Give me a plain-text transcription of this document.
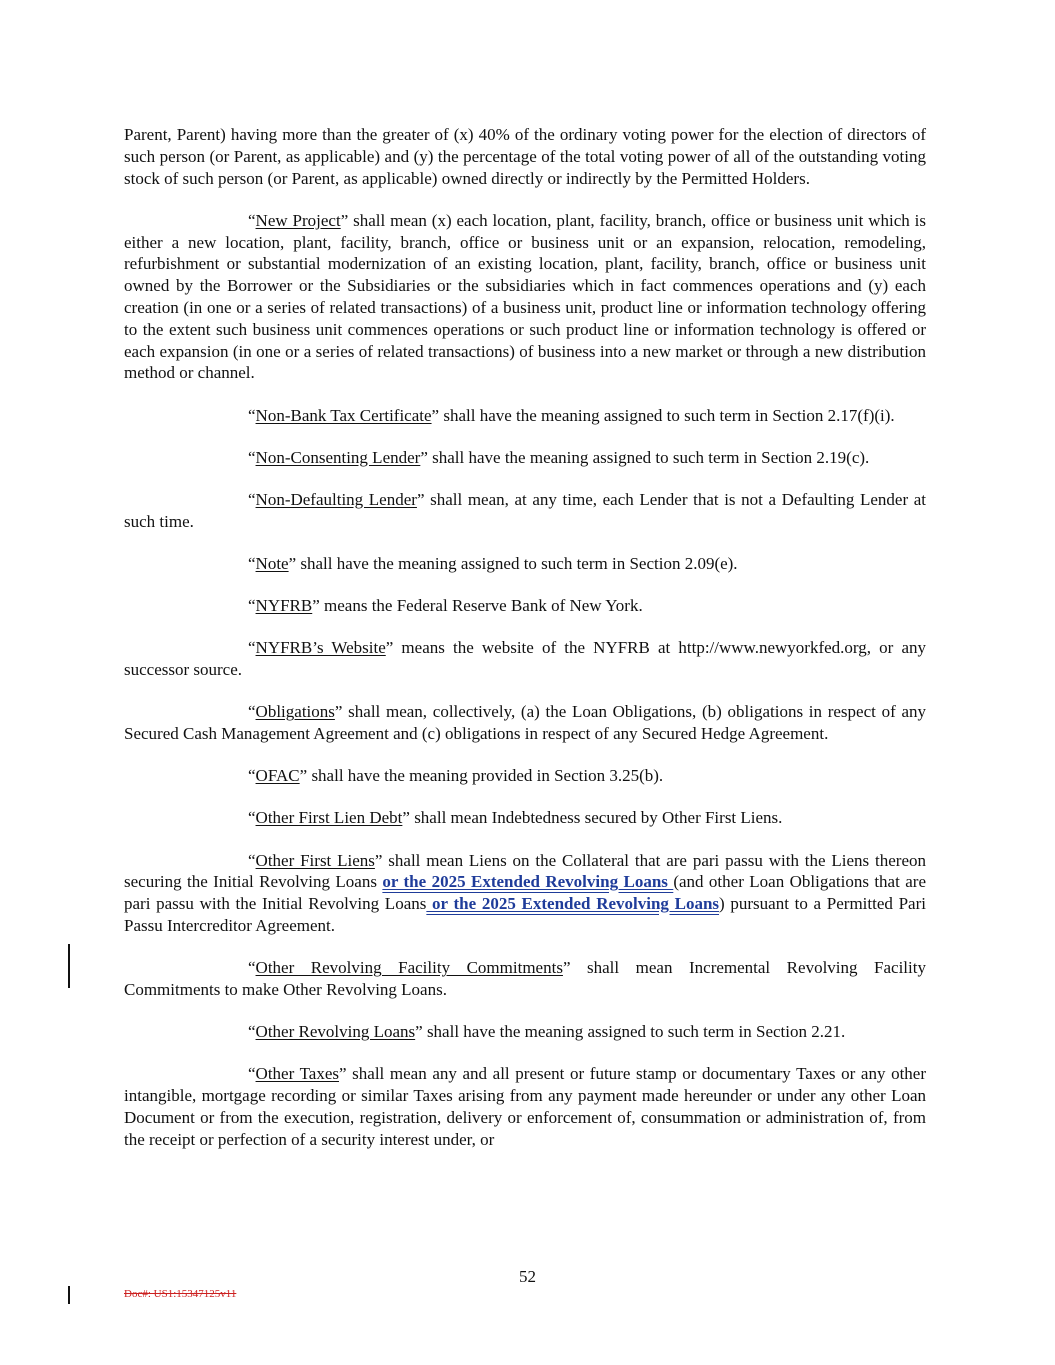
Parent, Parent) having more than the greater of (x) 40% of the ordinary voting power for the election of directors of such person (or Parent, as applicable) and (y) the percentage of the total voting power of all of the outstanding voting stock of such person (or Parent, as applicable) owned directly or indirectly by the Permitted Holders.

“New Project” shall mean (x) each location, plant, facility, branch, office or business unit which is either a new location, plant, facility, branch, office or business unit or an expansion, relocation, remodeling, refurbishment or substantial modernization of an existing location, plant, facility, branch, office or business unit owned by the Borrower or the Subsidiaries or the subsidiaries which in fact commences operations and (y) each creation (in one or a series of related transactions) of a business unit, product line or information technology offering to the extent such business unit commences operations or such product line or information technology is offered or each expansion (in one or a series of related transactions) of business into a new market or through a new distribution method or channel.

“Non-Bank Tax Certificate” shall have the meaning assigned to such term in Section 2.17(f)(i).

“Non-Consenting Lender” shall have the meaning assigned to such term in Section 2.19(c).

“Non-Defaulting Lender” shall mean, at any time, each Lender that is not a Defaulting Lender at such time.

“Note” shall have the meaning assigned to such term in Section 2.09(e).

“NYFRB” means the Federal Reserve Bank of New York.

“NYFRB’s Website” means the website of the NYFRB at http://www.newyorkfed.org, or any successor source.

“Obligations” shall mean, collectively, (a) the Loan Obligations, (b) obligations in respect of any Secured Cash Management Agreement and (c) obligations in respect of any Secured Hedge Agreement.

“OFAC” shall have the meaning provided in Section 3.25(b).

“Other First Lien Debt” shall mean Indebtedness secured by Other First Liens.

“Other First Liens” shall mean Liens on the Collateral that are pari passu with the Liens thereon securing the Initial Revolving Loans or the 2025 Extended Revolving Loans (and other Loan Obligations that are pari passu with the Initial Revolving Loans or the 2025 Extended Revolving Loans) pursuant to a Permitted Pari Passu Intercreditor Agreement.

“Other Revolving Facility Commitments” shall mean Incremental Revolving Facility Commitments to make Other Revolving Loans.

“Other Revolving Loans” shall have the meaning assigned to such term in Section 2.21.

“Other Taxes” shall mean any and all present or future stamp or documentary Taxes or any other intangible, mortgage recording or similar Taxes arising from any payment made hereunder or under any other Loan Document or from the execution, registration, delivery or enforcement of, consummation or administration of, from the receipt or perfection of a security interest under, or

52
Doc#: US1:15347125v11
